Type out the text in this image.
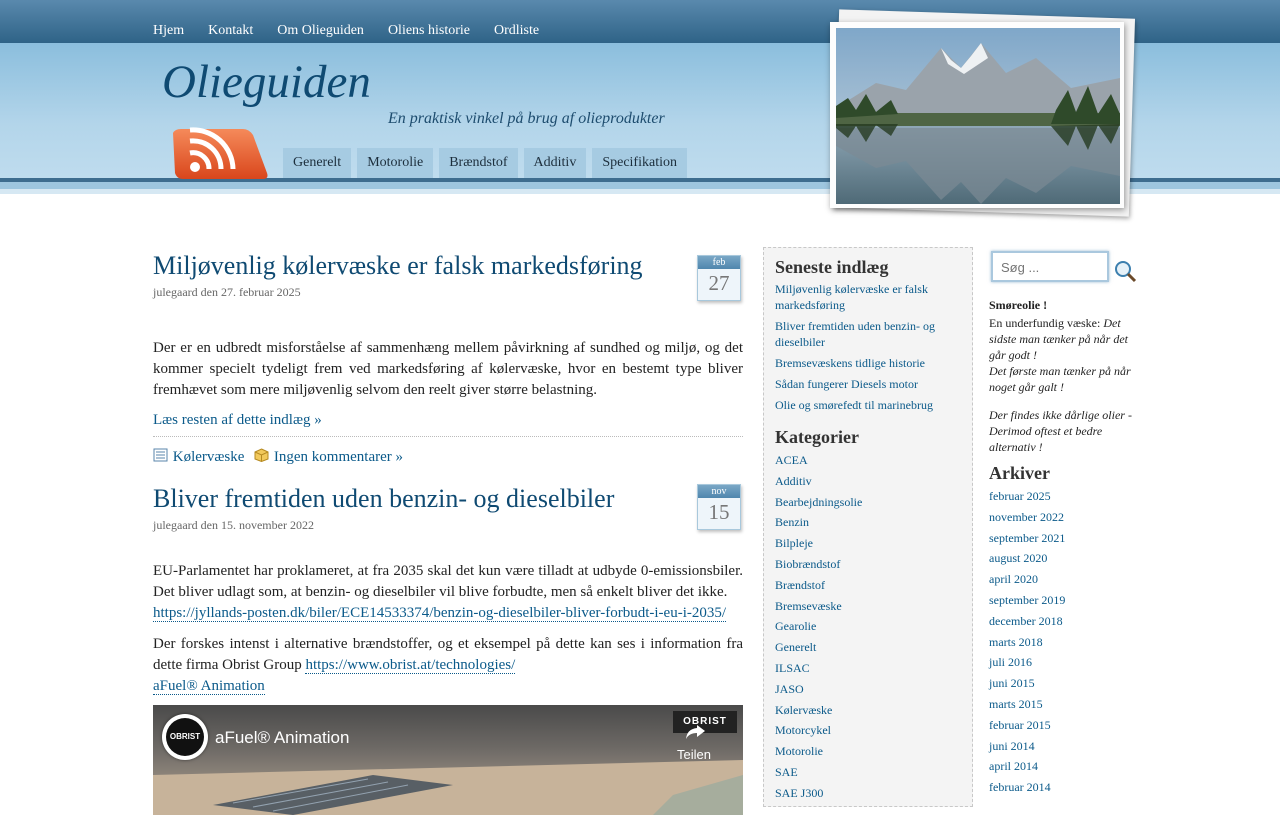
Hjem Kontakt Om Olieguiden Oliens historie Ordliste
Olieguiden
En praktisk vinkel på brug af olieprodukter
Generelt Motorolie Brændstof Additiv Specifikation
Miljøvenlig kølervæske er falsk markedsføring
julegaard den 27. februar 2025
feb
27

Der er en udbredt misforståelse af sammenhæng mellem påvirkning af sundhed og miljø, og det kommer specielt tydeligt frem ved markedsføring af kølervæske, hvor en bestemt type bliver fremhævet som mere miljøvenlig selvom den reelt giver større belastning.

Læs resten af dette indlæg »
Kølervæske Ingen kommentarer »
Bliver fremtiden uden benzin- og dieselbiler
julegaard den 15. november 2022
nov
15

EU-Parlamentet har proklameret, at fra 2035 skal det kun være tilladt at udbyde 0-emissionsbiler. Det bliver udlagt som, at benzin- og dieselbiler vil blive forbudte, men så enkelt bliver det ikke.

https://jyllands-posten.dk/biler/ECE14533374/benzin-og-dieselbiler-bliver-forbudt-i-eu-i-2035/

Der forskes intenst i alternative brændstoffer, og et eksempel på dette kan ses i information fra dette firma Obrist Group https://www.obrist.at/technologies/

aFuel® Animation
OBRIST aFuel® Animation
OBRIST
Teilen
Seneste indlæg
Miljøvenlig kølervæske er falsk markedsføring
Bliver fremtiden uden benzin- og dieselbiler
Bremsevæskens tidlige historie
Sådan fungerer Diesels motor
Olie og smørefedt til marinebrug
Kategorier
ACEA
Additiv
Bearbejdningsolie
Benzin
Bilpleje
Biobrændstof
Brændstof
Bremsevæske
Gearolie
Generelt
ILSAC
JASO
Kølervæske
Motorcykel
Motorolie
SAE
SAE J300
Søg ...
Smøreolie !
En underfundig væske: Det sidste man tænker på når det går godt !
Det første man tænker på når noget går galt !
Der findes ikke dårlige olier - Derimod oftest et bedre alternativ !
Arkiver
februar 2025
november 2022
september 2021
august 2020
april 2020
september 2019
december 2018
marts 2018
juli 2016
juni 2015
marts 2015
februar 2015
juni 2014
april 2014
februar 2014
